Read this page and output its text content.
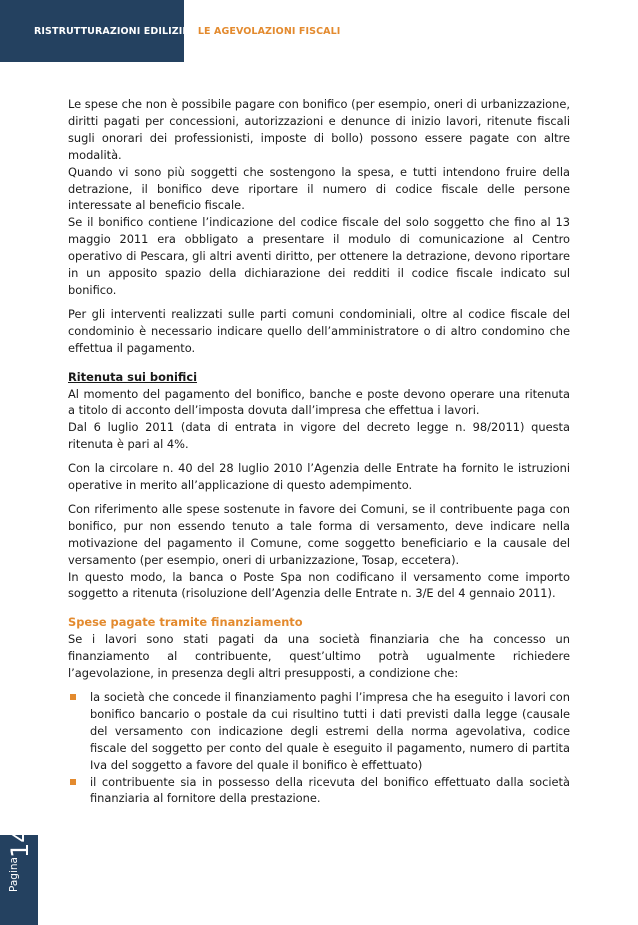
RISTRUTTURAZIONI EDILIZIE: LE AGEVOLAZIONI FISCALI

Le spese che non è possibile pagare con bonifico (per esempio, oneri di urbanizzazione, diritti pagati per concessioni, autorizzazioni e denunce di inizio lavori, ritenute fiscali sugli onorari dei professionisti, imposte di bollo) possono essere pagate con altre modalità.

Quando vi sono più soggetti che sostengono la spesa, e tutti intendono fruire della detrazione, il bonifico deve riportare il numero di codice fiscale delle persone interessate al beneficio fiscale.

Se il bonifico contiene l’indicazione del codice fiscale del solo soggetto che fino al 13 maggio 2011 era obbligato a presentare il modulo di comunicazione al Centro operativo di Pescara, gli altri aventi diritto, per ottenere la detrazione, devono riportare in un apposito spazio della dichiarazione dei redditi il codice fiscale indicato sul bonifico.

Per gli interventi realizzati sulle parti comuni condominiali, oltre al codice fiscale del condominio è necessario indicare quello dell’amministratore o di altro condomino che effettua il pagamento.

Ritenuta sui bonifici

Al momento del pagamento del bonifico, banche e poste devono operare una ritenuta a titolo di acconto dell’imposta dovuta dall’impresa che effettua i lavori.

Dal 6 luglio 2011 (data di entrata in vigore del decreto legge n. 98/2011) questa ritenuta è pari al 4%.

Con la circolare n. 40 del 28 luglio 2010 l’Agenzia delle Entrate ha fornito le istruzioni operative in merito all’applicazione di questo adempimento.

Con riferimento alle spese sostenute in favore dei Comuni, se il contribuente paga con bonifico, pur non essendo tenuto a tale forma di versamento, deve indicare nella motivazione del pagamento il Comune, come soggetto beneficiario e la causale del versamento (per esempio, oneri di urbanizzazione, Tosap, eccetera).

In questo modo, la banca o Poste Spa non codificano il versamento come importo soggetto a ritenuta (risoluzione dell’Agenzia delle Entrate n. 3/E del 4 gennaio 2011).

Spese pagate tramite finanziamento

Se i lavori sono stati pagati da una società finanziaria che ha concesso un finanziamento al contribuente, quest’ultimo potrà ugualmente richiedere l’agevolazione, in presenza degli altri presupposti, a condizione che:

la società che concede il finanziamento paghi l’impresa che ha eseguito i lavori con bonifico bancario o postale da cui risultino tutti i dati previsti dalla legge (causale del versamento con indicazione degli estremi della norma agevolativa, codice fiscale del soggetto per conto del quale è eseguito il pagamento, numero di partita Iva del soggetto a favore del quale il bonifico è effettuato)
il contribuente sia in possesso della ricevuta del bonifico effettuato dalla società finanziaria al fornitore della prestazione.
Pagina
14
